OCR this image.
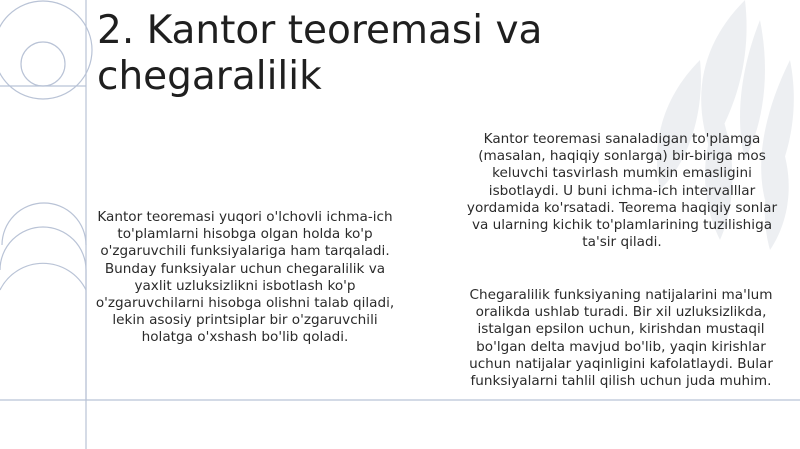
2. Kantor teoremasi va
chegaralilik

Kantor teoremasi yuqori o'lchovli ichma-ich to'plamlarni hisobga olgan holda ko'p o'zgaruvchili funksiyalariga ham tarqaladi. Bunday funksiyalar uchun chegaralilik va yaxlit uzluksizlikni isbotlash ko'p o'zgaruvchilarni hisobga olishni talab qiladi, lekin asosiy printsiplar bir o'zgaruvchili holatga o'xshash bo'lib qoladi.

Kantor teoremasi sanaladigan to'plamga (masalan, haqiqiy sonlarga) bir-biriga mos keluvchi tasvirlash mumkin emasligini isbotlaydi. U buni ichma-ich intervalllar yordamida ko'rsatadi. Teorema haqiqiy sonlar va ularning kichik to'plamlarining tuzilishiga ta'sir qiladi.

Chegaralilik funksiyaning natijalarini ma'lum oralikda ushlab turadi. Bir xil uzluksizlikda, istalgan epsilon uchun, kirishdan mustaqil bo'lgan delta mavjud bo'lib, yaqin kirishlar uchun natijalar yaqinligini kafolatlaydi. Bular funksiyalarni tahlil qilish uchun juda muhim.
